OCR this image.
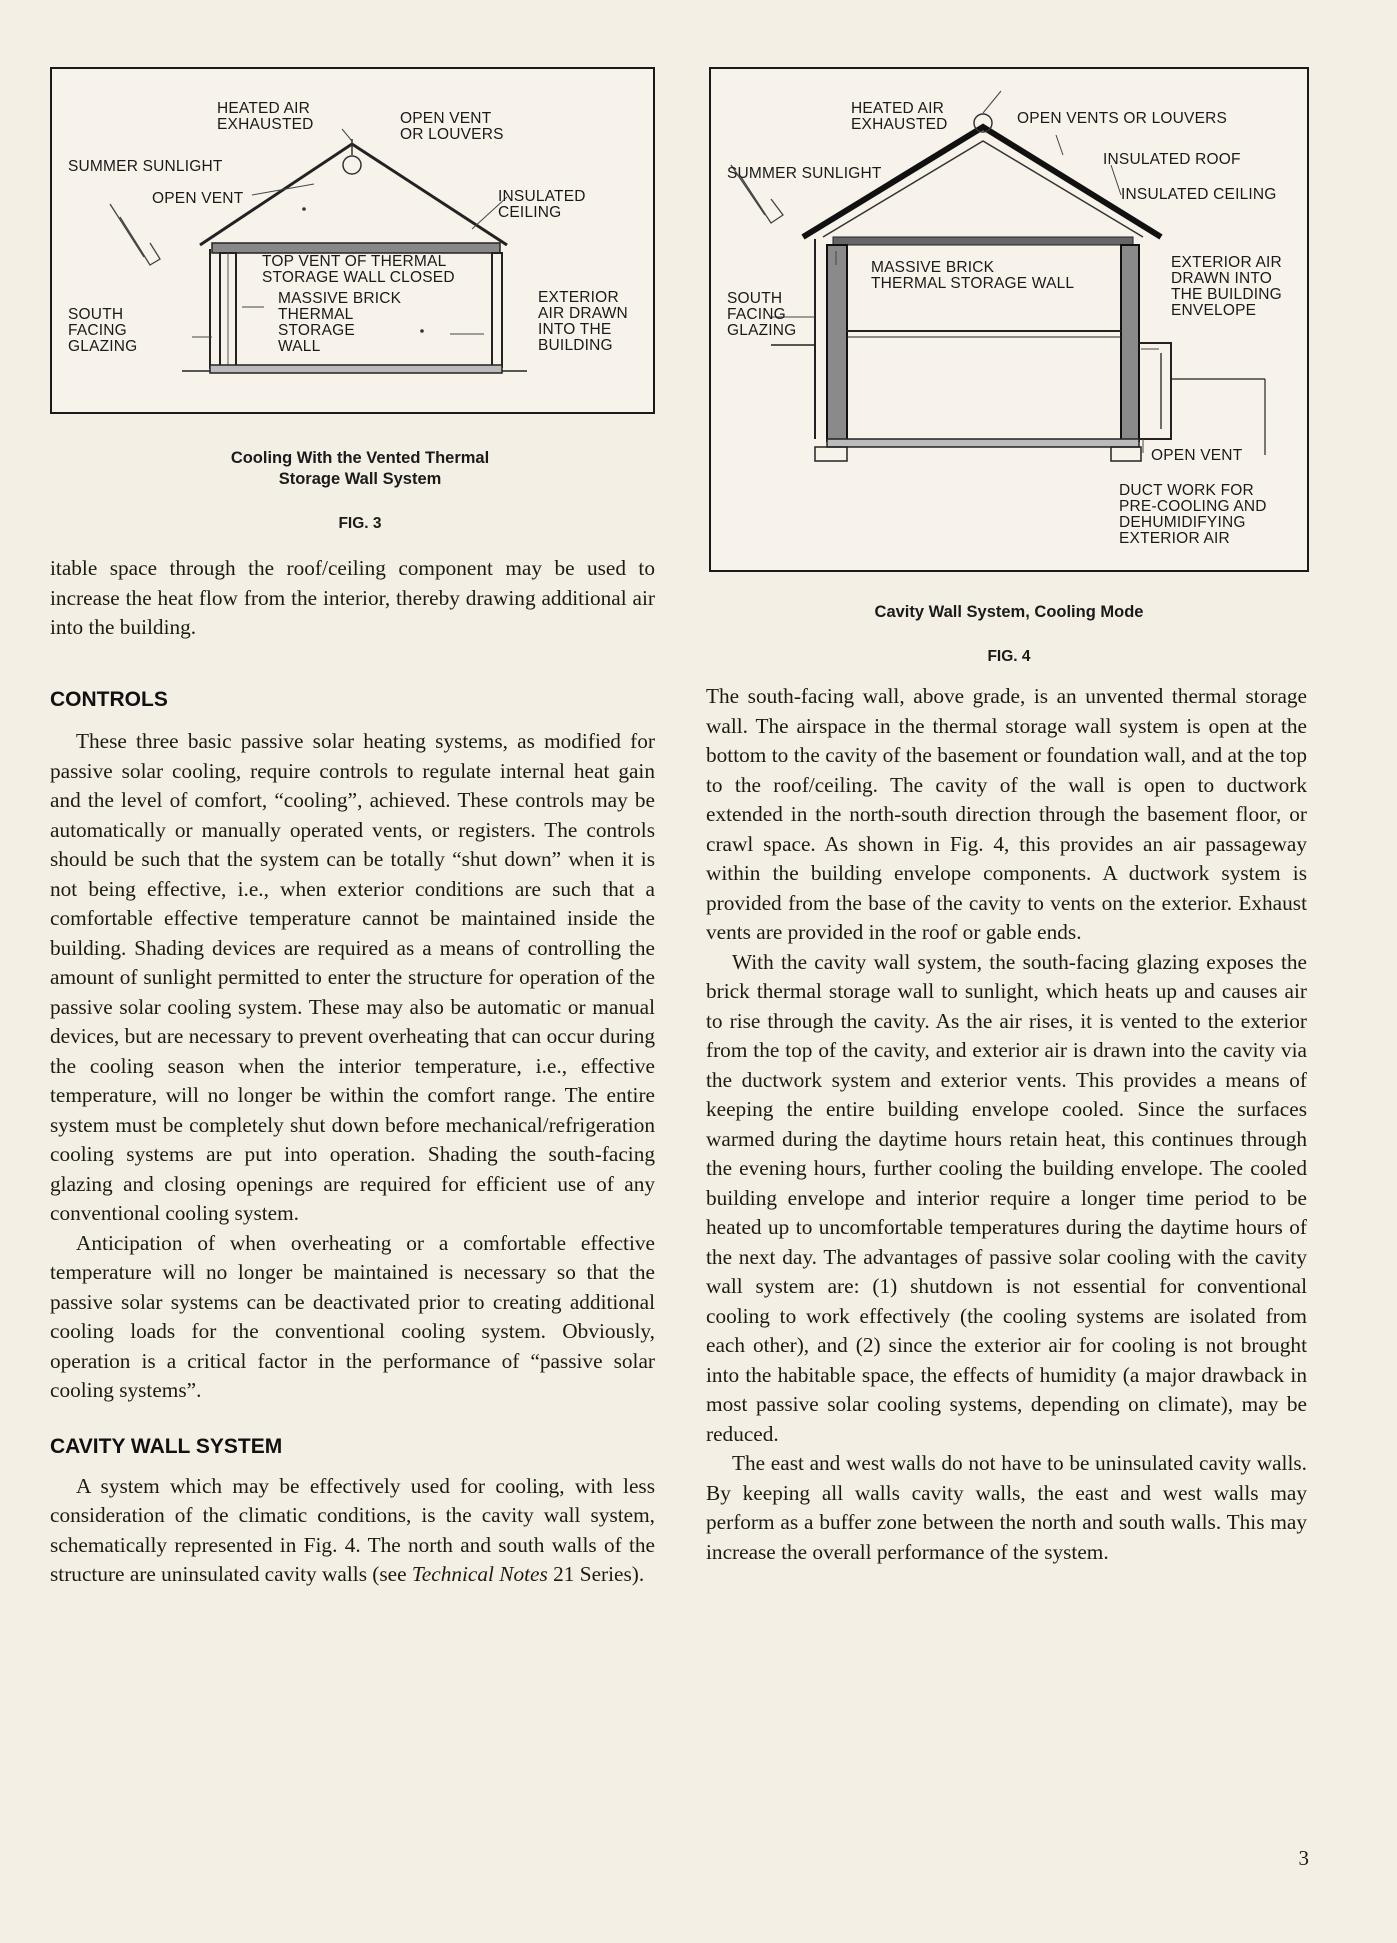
HEATED AIR
EXHAUSTED	OPEN VENT
OR LOUVERS
SUMMER SUNLIGHT
OPEN VENT	INSULATED
CEILING
TOP VENT OF THERMAL
STORAGE WALL CLOSED
MASSIVE BRICK
THERMAL
STORAGE
WALL
EXTERIOR
AIR DRAWN
INTO THE
BUILDING
SOUTH
FACING
GLAZING
Cooling With the Vented Thermal
Storage Wall System
FIG. 3
HEATED AIR
EXHAUSTED	OPEN VENTS OR LOUVERS
INSULATED ROOF
SUMMER SUNLIGHT
INSULATED CEILING
MASSIVE BRICK
THERMAL STORAGE WALL
EXTERIOR AIR
DRAWN INTO
THE BUILDING
ENVELOPE
SOUTH
FACING
GLAZING
OPEN VENT
DUCT WORK FOR
PRE-COOLING AND
DEHUMIDIFYING
EXTERIOR AIR
Cavity Wall System, Cooling Mode
FIG. 4

itable space through the roof/ceiling component may be used to increase the heat flow from the interior, thereby drawing additional air into the building.

CONTROLS

These three basic passive solar heating systems, as modified for passive solar cooling, require controls to regulate internal heat gain and the level of comfort, “cooling”, achieved. These controls may be automatically or manually operated vents, or registers. The controls should be such that the system can be totally “shut down” when it is not being effective, i.e., when exterior conditions are such that a comfortable effective temperature cannot be maintained inside the building. Shading devices are required as a means of controlling the amount of sunlight permitted to enter the structure for operation of the passive solar cooling system. These may also be automatic or manual devices, but are necessary to prevent overheating that can occur during the cooling season when the interior temperature, i.e., effective temperature, will no longer be within the comfort range. The entire system must be completely shut down before mechanical/refrigeration cooling systems are put into operation. Shading the south-facing glazing and closing openings are required for efficient use of any conventional cooling system.

Anticipation of when overheating or a comfortable effective temperature will no longer be maintained is necessary so that the passive solar systems can be deactivated prior to creating additional cooling loads for the conventional cooling system. Obviously, operation is a critical factor in the performance of “passive solar cooling systems”.

CAVITY WALL SYSTEM

A system which may be effectively used for cooling, with less consideration of the climatic conditions, is the cavity wall system, schematically represented in Fig. 4. The north and south walls of the structure are uninsulated cavity walls (see Technical Notes 21 Series).

The south-facing wall, above grade, is an unvented thermal storage wall. The airspace in the thermal storage wall system is open at the bottom to the cavity of the basement or foundation wall, and at the top to the roof/ceiling. The cavity of the wall is open to ductwork extended in the north-south direction through the basement floor, or crawl space. As shown in Fig. 4, this provides an air passageway within the building envelope components. A ductwork system is provided from the base of the cavity to vents on the exterior. Exhaust vents are provided in the roof or gable ends.

With the cavity wall system, the south-facing glazing exposes the brick thermal storage wall to sunlight, which heats up and causes air to rise through the cavity. As the air rises, it is vented to the exterior from the top of the cavity, and exterior air is drawn into the cavity via the ductwork system and exterior vents. This provides a means of keeping the entire building envelope cooled. Since the surfaces warmed during the daytime hours retain heat, this continues through the evening hours, further cooling the building envelope. The cooled building envelope and interior require a longer time period to be heated up to uncomfortable temperatures during the daytime hours of the next day. The advantages of passive solar cooling with the cavity wall system are: (1) shutdown is not essential for conventional cooling to work effectively (the cooling systems are isolated from each other), and (2) since the exterior air for cooling is not brought into the habitable space, the effects of humidity (a major drawback in most passive solar cooling systems, depending on climate), may be reduced.

The east and west walls do not have to be uninsulated cavity walls. By keeping all walls cavity walls, the east and west walls may perform as a buffer zone between the north and south walls. This may increase the overall performance of the system.

3
